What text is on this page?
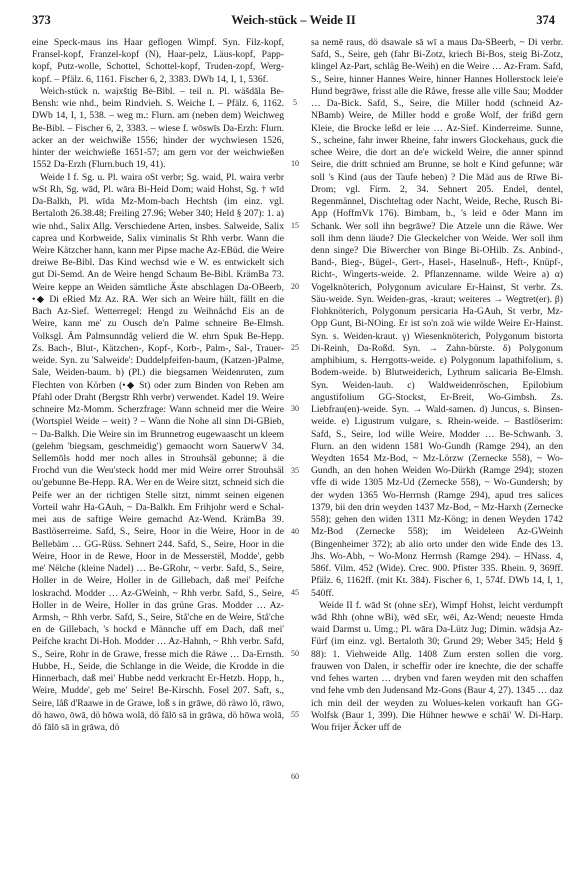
373	Weich-stück – Weide II	374

eine Speck-maus ins Haar geflogen Wimpf. Syn. Filz-kopf, Fransel-kopf, Franzel-kopf (N), Haar-pelz, Läus-kopf, Papp-kopf, Putz-wolle, Schottel, Schottel-kopf, Truden-zopf, Werg-kopf. – Pfälz. 6, 1161. Fischer 6, 2, 3383. DWb 14, I, 1, 536f.

Weich-stück n. waịxštig Be-Bibl. – teil n. Pl. wäšdăla Be-Bensh: wie nhd., beim Rindvieh. S. Weiche I. – Pfälz. 6, 1162. DWb 14, I, 1, 538. – weg m.: Flurn. am (neben dem) Weichweg Be-Bibl. – Fischer 6, 2, 3383. – wiese f. wōswīs Da-Erzh: Flurn. acker an der weichwiße 1556; hinder der wychwiesen 1526, hinter der weichwieße 1651-57; am gern vor der weichwießen 1552 Da-Erzh (Flurn.buch 19, 41).

Weide I f. Sg. u. Pl. waira oSt verbr; Sg. waid, Pl. waira verbr wSt Rh, Sg. wād, Pl. wāra Bi-Heid Dom; waid Hohst, Sg. † wīd Da-Balkh, Pl. wīda Mz-Mom-bach Hechtsh (im einz. vgl. Bertaloth 26.38.48; Freiling 27.96; Weber 340; Held § 207): 1. a) wie nhd., Salix Allg. Verschiedene Arten, insbes. Salweide, Salix caprea und Korbweide, Salix viminalis St Rhh verbr. Wann die Weire Kätzcher hann, kann mer Pipse mache Az-EBüd. die Weire dreiwe Be-Bibl. Das Kind wechsd wie e W. es entwickelt sich gut Di-Semd. An de Weire hengd Schaum Be-Bibl. KrämBa 73. Weire keppe an Weiden sämtliche Äste abschlagen Da-OBeerb, •◆ Di eRied Mz Az. RA. Wer sich an Weire hält, fällt en die Bach Az-Sief. Wetterregel: Hengd zu Weihnåchd Eis an de Weire, kann me' zu Ousch de'n Palme schneire Be-Elmsh. Volksgl. Äm Palmsunndåg velierd die W. ehrn Spuk Be-Hepp. Zs. Bach-, Blut-, Kätzchen-, Kopf-, Korb-, Palm-, Sal-, Trauer-weide. Syn. zu 'Salweide': Duddelpfeifen-baum, (Katzen-)Palme, Sale, Weiden-baum. b) (Pl.) die biegsamen Weidenruten, zum Flechten von Körben (•◆ St) oder zum Binden von Reben am Pfahl oder Draht (Bergstr Rhh verbr) verwendet. Kadel 19. Weire schneire Mz-Momm. Scherzfrage: Wann schneid mer die Weire (Wortspiel Weide – weit) ? – Wann die Nohe all sinn Di-GBieb, ~ Da-Balkh. Die Weire sin im Brunnetrog eugewaascht un kleem (gelehm 'biegsam, geschmeidig') gemaocht worn SauerwV 34. Sellemōls hodd mer noch alles in Strouhsäl gebunne; ä die Frochd vun die Weu'steck hodd mer mid Weire orrer Strouhsäl ou'gebunne Be-Hepp. RA. Wer en de Weire sitzt, schneid sich die Peife wer an der richtigen Stelle sitzt, nimmt seinen eigenen Vorteil wahr Ha-GAuh, ~ Da-Balkh. Em Frihjohr werd e Schal-mei aus de saftige Weire gemachd Az-Wend. KrämBa 39. Bastlöserreime. Safd, S., Seire, Hoor in die Weire, Hoor in de Bellebäm … GG-Rüss. Sehnert 244. Safd, S., Seire, Hoor in die Weire, Hoor in de Rewe, Hoor in de Messerstël, Modde', gebb me' Nëlche (kleine Nadel) … Be-GRohr, ~ verbr. Safd, S., Seire, Holler in de Weire, Holler in de Gillebach, daß mei' Peifche loskrachd. Modder … Az-GWeinh, ~ Rhh verbr. Safd, S., Seire, Holler in de Weire, Holler in das grüne Gras. Modder … Az-Armsh, ~ Rhh verbr. Safd, S., Seire, Stå'che en de Weire, Stå'che en de Gillebach, 's hockd e Männche uff em Dach, daß mei' Peifche kracht Di-Hoh. Modder … Az-Hahnh, ~ Rhh verbr. Safd, S., Seire, Rohr in de Grawe, fresse mich die Räwe … Da-Ernsth. Hubbe, H., Seide, die Schlange in die Weide, die Krodde in die Hinnerbach, daß mei' Hubbe nedd verkracht Er-Hetzb. Hopp, h., Weire, Mudde', geb me' Seire! Be-Kirschh. Fosel 207. Saft, s., Seire, låß d'Raawe in de Grawe, loß s in grāwe, dö räwo lö, rāwo, dö hawo, ōwā, dö hōwa wolā, dö fālō sā in grāwa, dö hōwa wolā, dö fālō sā in grāwa, dö

5
10
15
20
25
30
35
40
45
50
55
60

sa nemē raus, dö dsawale sā wī a maus Da-SBeerb, ~ Di verbr. Safd, S., Seire, geh (fahr Bi-Zotz, kriech Bi-Bos, steig Bi-Zotz, klingel Az-Part, schläg Be-Weih) en die Weire … Az-Fram. Safd, S., Seire, hinner Hannes Weire, hinner Hannes Hollerstock leie'e Hund begrāwe, frisst alle die Råwe, fresse alle ville Sau; Modder … Da-Bick. Safd, S., Seire, die Miller hodd (schneid Az-NBamb) Weire, de Miller hodd e große Wolf, der frißd gern Kleie, die Brocke leßd er leie … Az-Sief. Kinderreime. Sunne, S., scheine, fahr inwer Rheine, fahr inwers Glockehaus, guck die schee Weire, die dort an de'e wickeld Weire, die anner spinnd Seire, die dritt schnied am Brunne, se holt e Kind gefunne; wār soll 's Kind (aus der Taufe heben) ? Die Mäd aus de Rīwe Bi-Drom; vgl. Firm. 2, 34. Sehnert 205. Endel, dentel, Regenmännel, Dischteltag oder Nacht, Weide, Reche, Rusch Bi-App (HoffmVk 176). Bimbam, b., 's leid e ōder Mann im Schank. Wer soll ihn begrāwe? Die Atzele unn die Räwe. Wer soll ihm denn läude? Die Gleckelcher von Weide. Wer soll ihm denn singe? Die Bïwercher von Binge Bi-OHilb. Zs. Anbind-, Band-, Bieg-, Bügel-, Gert-, Hasel-, Haselnuß-, Heft-, Knüpf-, Richt-, Wingerts-weide. 2. Pflanzenname. wilde Weire a) α) Vogelknöterich, Polygonum aviculare Er-Hainst, St verbr. Zs. Säu-weide. Syn. Weiden-gras, -kraut; weiteres → Wegtret(er). β) Flohknöterich, Polygonum persicaria Ha-GAuh, St verbr, Mz-Opp Gunt, Bi-NOing. Er ist so'n zoä wie wilde Weire Er-Hainst. Syn. s. Weiden-kraut. γ) Wiesenknöterich, Polygonum bistorta Di-Reinh, Da-Roßd. Syn. → Zahn-bürste. δ) Polygonum amphibium, s. Herrgotts-weide. ε) Polygonum lapathifolium, s. Bodem-weide. b) Blutweiderich, Lythrum salicaria Be-Elmsh. Syn. Weiden-laub. c) Waldweidenröschen, Epilobium angustifolium GG-Stockst, Er-Breit, Wo-Gimbsh. Zs. Liebfrau(en)-weide. Syn. → Wald-samen. d) Juncus, s. Binsen-weide. e) Ligustrum vulgare, s. Rhein-weide. – Bastlöserim: Safd, S., Seire, lod wille Weire. Modder … Be-Schwanh. 3. Flurn. an den widenn 1581 Wo-Gundh (Ramge 294), an den Weydten 1654 Mz-Bod, ~ Mz-Lörzw (Zernecke 558), ~ Wo-Gundh, an den hohen Weiden Wo-Dürkh (Ramge 294); stozen vffe di wide 1305 Mz-Ud (Zernecke 558), ~ Wo-Gundersh; by der wyden 1365 Wo-Herrnsh (Ramge 294), apud tres salices 1379, bii den drin weyden 1437 Mz-Bod, ~ Mz-Harxh (Zernecke 558); gehen den widen 1311 Mz-Köng; in denen Weyden 1742 Mz-Bod (Zernecke 558); im Weideleen Az-GWeinh (Bingenheimer 372); ab alio orto under den wide Ende des 13. Jhs. Wo-Abh, ~ Wo-Monz Herrnsh (Ramge 294). – HNass. 4, 586f. Vilm. 452 (Wide). Crec. 900. Pfister 335. Rhein. 9, 369ff. Pfälz. 6, 1162ff. (mit Kt. 384). Fischer 6, 1, 574f. DWb 14, I, 1, 540ff.

Weide II f. wād St (ohne sEr), Wimpf Hohst, leicht verdumpft wād Rhh (ohne wBi), wēd sEr, wēi, Az-Wend; neueste Hmda waid Darmst u. Umg.; Pl. wāra Da-Lütz Jug; Dimin. wādsja Az-Fürf (im einz. vgl. Bertaloth 30; Grund 29; Weber 345; Held § 88): 1. Viehweide Allg. 1408 Zum ersten sollen die vorg. frauwen von Dalen, ir scheffir oder ire knechte, die der schaffe vnd fehes warten … dryben vnd faren weyden mit den schaffen vnd fehe vmb den Judensand Mz-Gons (Baur 4, 27). 1345 … daz ich min deil der weyden zu Wolues-kelen vorkauft han GG-Wolfsk (Baur 1, 399). Die Hühner hewwe e schāi' W. Di-Harp. Wou frijer Äcker uff de
